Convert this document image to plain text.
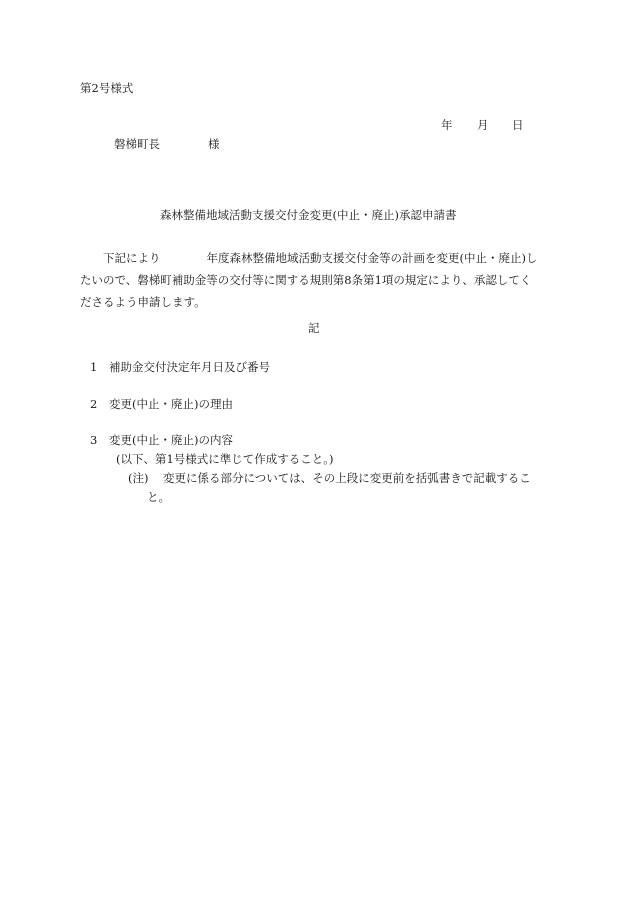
第2号様式
年 月 日
磐梯町長	様
森林整備地域活動支援交付金変更(中止・廃止)承認申請書
下記により	年度森林整備地域活動支援交付金等の計画を変更(中止・廃止)し
たいので、磐梯町補助金等の交付等に関する規則第8条第1項の規定により、承認してく
ださるよう申請します。
記
1 補助金交付決定年月日及び番号
2 変更(中止・廃止)の理由
3 変更(中止・廃止)の内容
(以下、第1号様式に準じて作成すること。)
(注) 変更に係る部分については、その上段に変更前を括弧書きで記載するこ
と。
